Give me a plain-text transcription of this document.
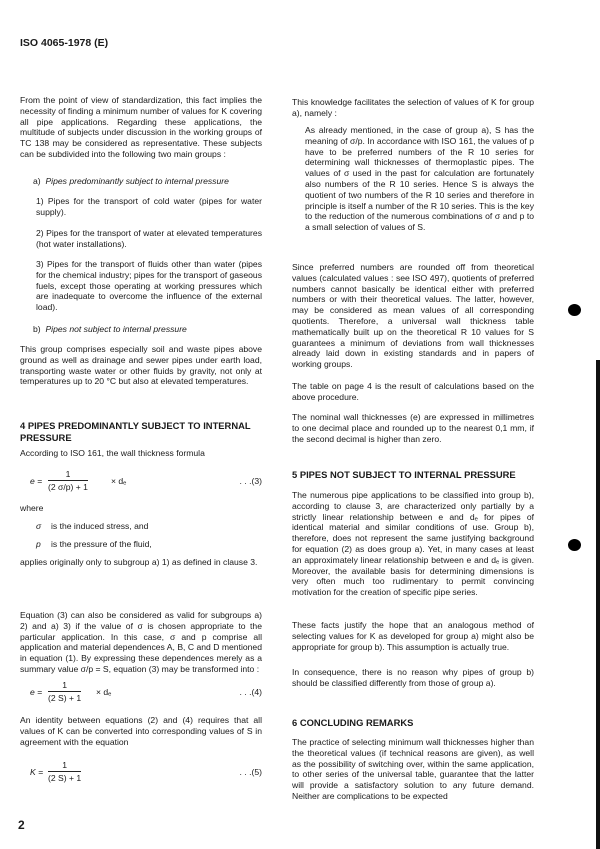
ISO 4065-1978 (E)
From the point of view of standardization, this fact implies the necessity of finding a minimum number of values for K covering all pipe applications. Regarding these applications, the multitude of subjects under discussion in the working groups of TC 138 may be considered as representative. These subjects can be subdivided into the following two main groups :
a) Pipes predominantly subject to internal pressure
1) Pipes for the transport of cold water (pipes for water supply).
2) Pipes for the transport of water at elevated temperatures (hot water installations).
3) Pipes for the transport of fluids other than water (pipes for the chemical industry; pipes for the transport of gaseous fuels, except those operating at working pressures which are inadequate to overcome the influence of the external load).
b) Pipes not subject to internal pressure
This group comprises especially soil and waste pipes above ground as well as drainage and sewer pipes under earth load, transporting waste water or other fluids by gravity, not only at temperatures up to 20 °C but also at elevated temperatures.
4 PIPES PREDOMINANTLY SUBJECT TO INTERNAL PRESSURE
According to ISO 161, the wall thickness formula
$e = \frac{1}{(2 \sigma/p) + 1}$	× dₑ	. . .(3)
where
σ is the induced stress, and
p is the pressure of the fluid,
applies originally only to subgroup a) 1) as defined in clause 3.
Equation (3) can also be considered as valid for subgroups a) 2) and a) 3) if the value of σ is chosen appropriate to the particular application. In this case, σ and p comprise all application and material dependences A, B, C and D mentioned in equation (1). By expressing these dependences merely as a summary value σ/p = S, equation (3) may be transformed into :
$e = \frac{1}{(2 S) + 1} \times d_e$	. . .(4)
An identity between equations (2) and (4) requires that all values of K can be converted into corresponding values of S in agreement with the equation
$K = \frac{1}{(2 S) + 1}$	. . .(5)
2
This knowledge facilitates the selection of values of K for group a), namely :
As already mentioned, in the case of group a), S has the meaning of σ/p. In accordance with ISO 161, the values of p have to be preferred numbers of the R 10 series for determining wall thicknesses of thermoplastic pipes. The values of σ used in the past for calculation are fortunately also numbers of the R 10 series. Hence S is always the quotient of two numbers of the R 10 series and therefore in principle is itself a number of the R 10 series. This is the key to the reduction of the numerous combinations of σ and p to a small selection of values of S.
Since preferred numbers are rounded off from theoretical values (calculated values : see ISO 497), quotients of preferred numbers cannot basically be identical either with preferred numbers or with their theoretical values. The latter, however, may be considered as mean values of all corresponding quotients. Therefore, a universal wall thickness table mathematically built up on the theoretical R 10 values for S guarantees a minimum of deviations from wall thicknesses already laid down in existing standards and in papers of working groups.
The table on page 4 is the result of calculations based on the above procedure.
The nominal wall thicknesses (e) are expressed in millimetres to one decimal place and rounded up to the nearest 0,1 mm, if the second decimal is higher than zero.
5 PIPES NOT SUBJECT TO INTERNAL PRESSURE
The numerous pipe applications to be classified into group b), according to clause 3, are characterized only partially by a strictly linear relationship between e and dₑ for pipes of identical material and similar conditions of use. Group b), therefore, does not represent the same justifying background for equation (2) as does group a). Yet, in many cases at least an approximately linear relationship between e and dₑ is given. Moreover, the available basis for determining dimensions is very often much too rudimentary to permit convincing motivation for the creation of specific pipe series.
These facts justify the hope that an analogous method of selecting values for K as developed for group a) might also be appropriate for group b). This assumption is actually true.
In consequence, there is no reason why pipes of group b) should be classified differently from those of group a).
6 CONCLUDING REMARKS
The practice of selecting minimum wall thicknesses higher than the theoretical values (if technical reasons are given), as well as the possibility of switching over, within the same application, to other series of the universal table, guarantee that the latter will provide a satisfactory solution to any future demand. Neither are complications to be expected
